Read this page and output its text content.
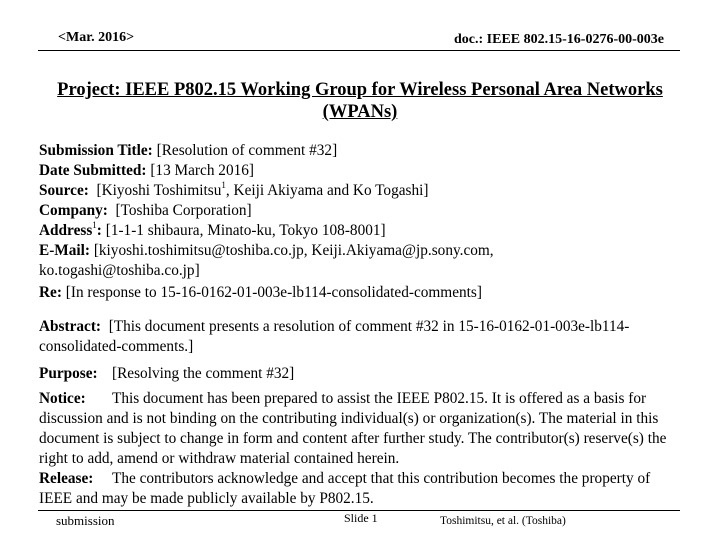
<Mar. 2016>	doc.: IEEE 802.15-16-0276-00-003e
Project: IEEE P802.15 Working Group for Wireless Personal Area Networks
(WPANs)

Submission Title: [Resolution of comment #32]

Date Submitted: [13 March 2016]

Source: [Kiyoshi Toshimitsu$^1$, Keiji Akiyama and Ko Togashi]

Company: [Toshiba Corporation]

Address$^1$: [1-1-1 shibaura, Minato-ku, Tokyo 108-8001]

E-Mail: [kiyoshi.toshimitsu@toshiba.co.jp, Keiji.Akiyama@jp.sony.com,
ko.togashi@toshiba.co.jp]

Re: [In response to 15-16-0162-01-003e-lb114-consolidated-comments]

Abstract: [This document presents a resolution of comment #32 in 15-16-0162-01-003e-lb114-consolidated-comments.]

Purpose: [Resolving the comment #32]

Notice: This document has been prepared to assist the IEEE P802.15. It is offered as a basis for discussion and is not binding on the contributing individual(s) or organization(s). The material in this document is subject to change in form and content after further study. The contributor(s) reserve(s) the right to add, amend or withdraw material contained herein.

Release: The contributors acknowledge and accept that this contribution becomes the property of IEEE and may be made publicly available by P802.15.

submission	Slide 1	Toshimitsu, et al. (Toshiba)
